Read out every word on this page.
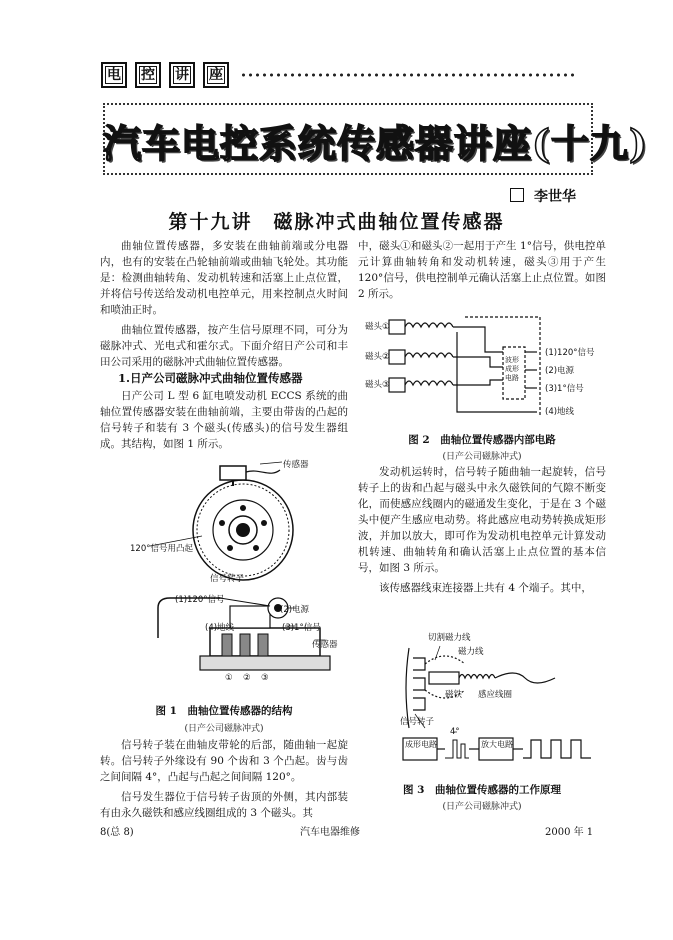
电	控	讲	座
汽车电控系统传感器讲座(十九)
李世华
第十九讲　磁脉冲式曲轴位置传感器

曲轴位置传感器，多安装在曲轴前端或分电器内，也有的安装在凸轮轴前端或曲轴飞轮处。其功能是：检测曲轴转角、发动机转速和活塞上止点位置，并将信号传送给发动机电控单元，用来控制点火时间和喷油正时。

曲轴位置传感器，按产生信号原理不同，可分为磁脉冲式、光电式和霍尔式。下面介绍日产公司和丰田公司采用的磁脉冲式曲轴位置传感器。

1.日产公司磁脉冲式曲轴位置传感器

日产公司 L 型 6 缸电喷发动机 ECCS 系统的曲轴位置传感器安装在曲轴前端，主要由带齿的凸起的信号转子和装有 3 个磁头(传感头)的信号发生器组成。其结构，如图 1 所示。

传感器
120°信号用凸起
信号转子
(1)120°信号
(2)电源
(4)地线	(3)1°信号
传感器
① ② ③
图 1　曲轴位置传感器的结构
(日产公司磁脉冲式)

信号转子装在曲轴皮带轮的后部，随曲轴一起旋转。信号转子外缘设有 90 个齿和 3 个凸起。齿与齿之间间隔 4°，凸起与凸起之间间隔 120°。

信号发生器位于信号转子齿顶的外侧，其内部装有由永久磁铁和感应线圈组成的 3 个磁头。其

中，磁头①和磁头②一起用于产生 1°信号，供电控单元计算曲轴转角和发动机转速，磁头③用于产生 120°信号，供电控制单元确认活塞上止点位置。如图 2 所示。

磁头①
磁头②
磁头③
波形成形电路
(1)120°信号
(2)电源
(3)1°信号
(4)地线
图 2　曲轴位置传感器内部电路
(日产公司磁脉冲式)

发动机运转时，信号转子随曲轴一起旋转，信号转子上的齿和凸起与磁头中永久磁铁间的气隙不断变化，而使感应线圈内的磁通发生变化，于是在 3 个磁头中便产生感应电动势。将此感应电动势转换成矩形波，并加以放大，即可作为发动机电控单元计算发动机转速、曲轴转角和确认活塞上止点位置的基本信号，如图 3 所示。

该传感器线束连接器上共有 4 个端子。其中，

切割磁力线
磁力线
磁铁 感应线圈
信号转子
4°
成形电路	放大电路
图 3　曲轴位置传感器的工作原理
(日产公司磁脉冲式)
8(总 8)	汽车电器维修	2000 年 1
